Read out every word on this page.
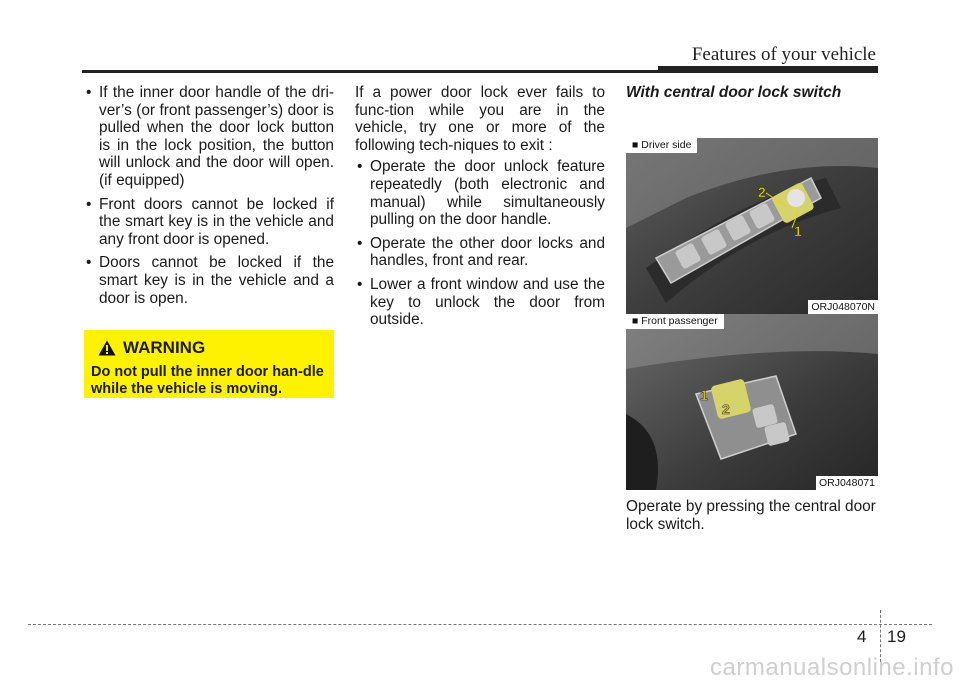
Features of your vehicle
• If the inner door handle of the dri-ver’s (or front passenger’s) door is pulled when the door lock button is in the lock position, the button will unlock and the door will open. (if equipped)
• Front doors cannot be locked if the smart key is in the vehicle and any front door is opened.
• Doors cannot be locked if the smart key is in the vehicle and a door is open.
WARNING
Do not pull the inner door han-dle while the vehicle is moving.

If a power door lock ever fails to func-tion while you are in the vehicle, try one or more of the following tech-niques to exit :

• Operate the door unlock feature repeatedly (both electronic and manual) while simultaneously pulling on the door handle.
• Operate the other door locks and handles, front and rear.
• Lower a front window and use the key to unlock the door from outside.
With central door lock switch
2
1
■ Driver side
ORJ048070N
1
2
■ Front passenger
ORJ048071
Operate by pressing the central door lock switch.
4 19
carmanualsonline.info
